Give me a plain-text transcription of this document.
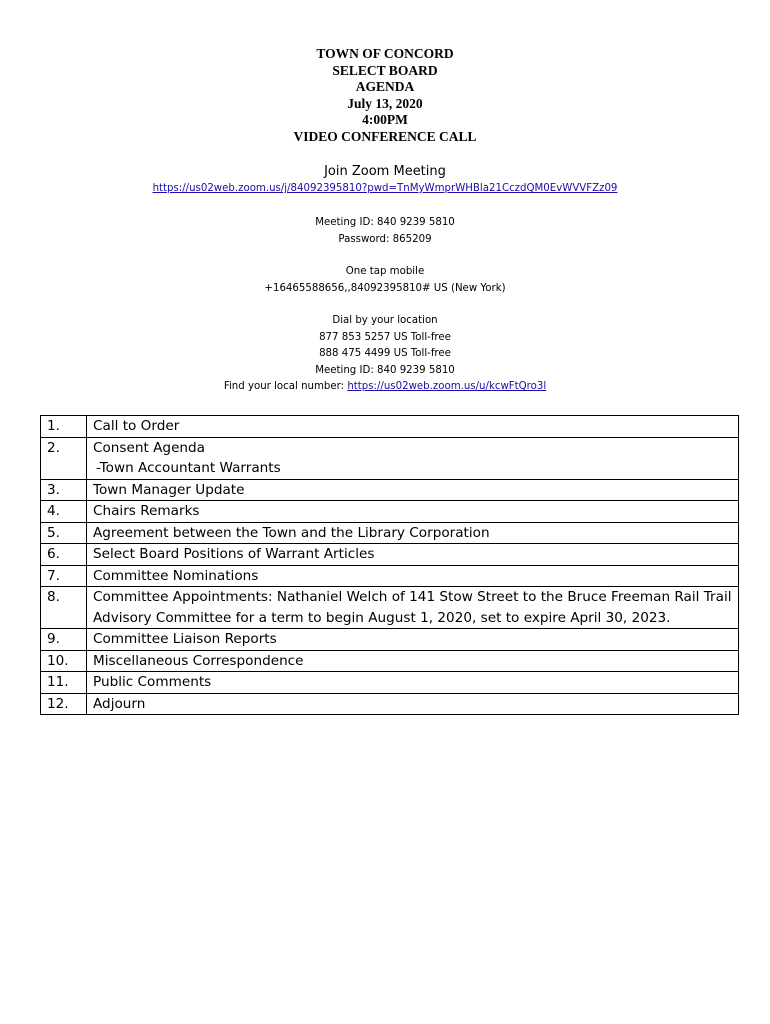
TOWN OF CONCORD
SELECT BOARD
AGENDA
July 13, 2020
4:00PM
VIDEO CONFERENCE CALL
Join Zoom Meeting
https://us02web.zoom.us/j/84092395810?pwd=TnMyWmprWHBla21CczdQM0EvWVVFZz09
Meeting ID: 840 9239 5810
Password: 865209
One tap mobile
+16465588656,,84092395810# US (New York)
Dial by your location
877 853 5257 US Toll-free
888 475 4499 US Toll-free
Meeting ID: 840 9239 5810
Find your local number: https://us02web.zoom.us/u/kcwFtQro3l
1.	Call to Order
2.	Consent Agenda
-Town Accountant Warrants

3.	Town Manager Update
4.	Chairs Remarks
5.	Agreement between the Town and the Library Corporation
6.	Select Board Positions of Warrant Articles
7.	Committee Nominations
8.	Committee Appointments: Nathaniel Welch of 141 Stow Street to the Bruce Freeman Rail Trail Advisory Committee for a term to begin August 1, 2020, set to expire April 30, 2023.
9.	Committee Liaison Reports
10.	Miscellaneous Correspondence
11.	Public Comments
12.	Adjourn
